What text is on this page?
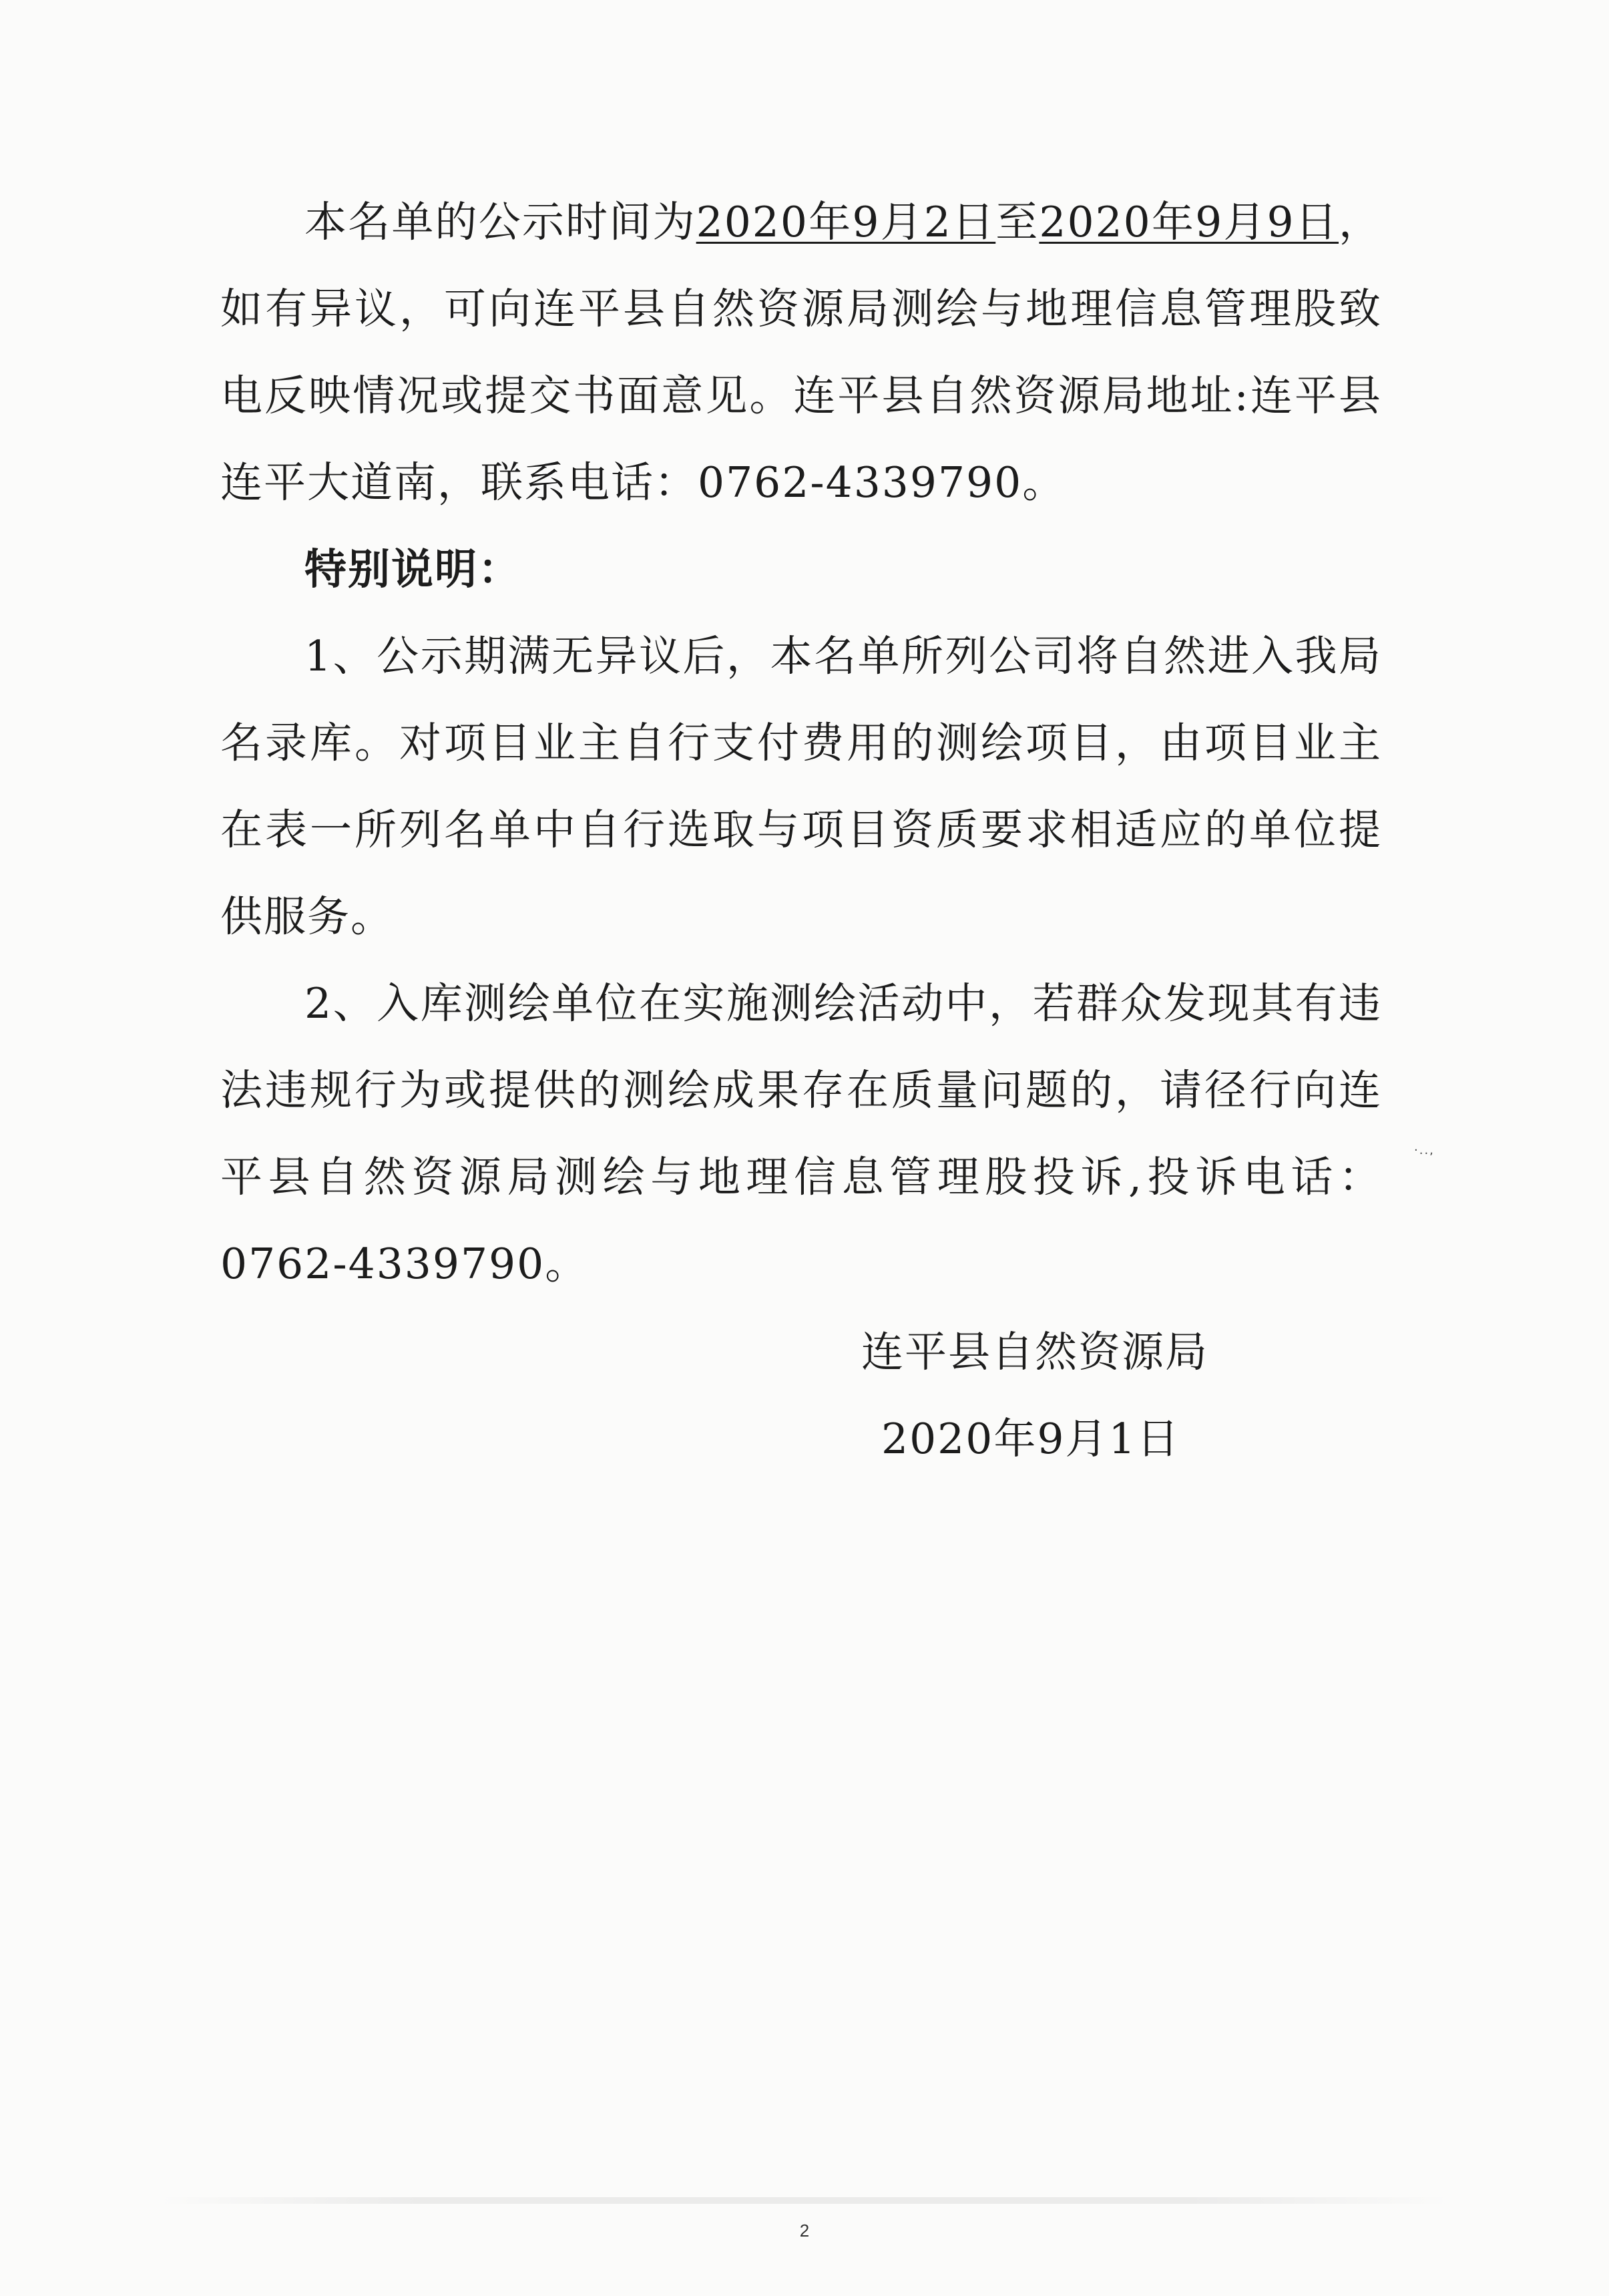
本名单的公示时间为2020年9月2日至2020年9月9日，如有异议，可向连平县自然资源局测绘与地理信息管理股致电反映情况或提交书面意见。连平县自然资源局地址:连平县连平大道南，联系电话：0762-4339790。

特别说明：

1、公示期满无异议后，本名单所列公司将自然进入我局名录库。对项目业主自行支付费用的测绘项目，由项目业主在表一所列名单中自行选取与项目资质要求相适应的单位提供服务。

2、入库测绘单位在实施测绘活动中，若群众发现其有违法违规行为或提供的测绘成果存在质量问题的，请径行向连平县自然资源局测绘与地理信息管理股投诉,投诉电话：0762-4339790。

·..,
连平县自然资源局
2020年9月1日
2
